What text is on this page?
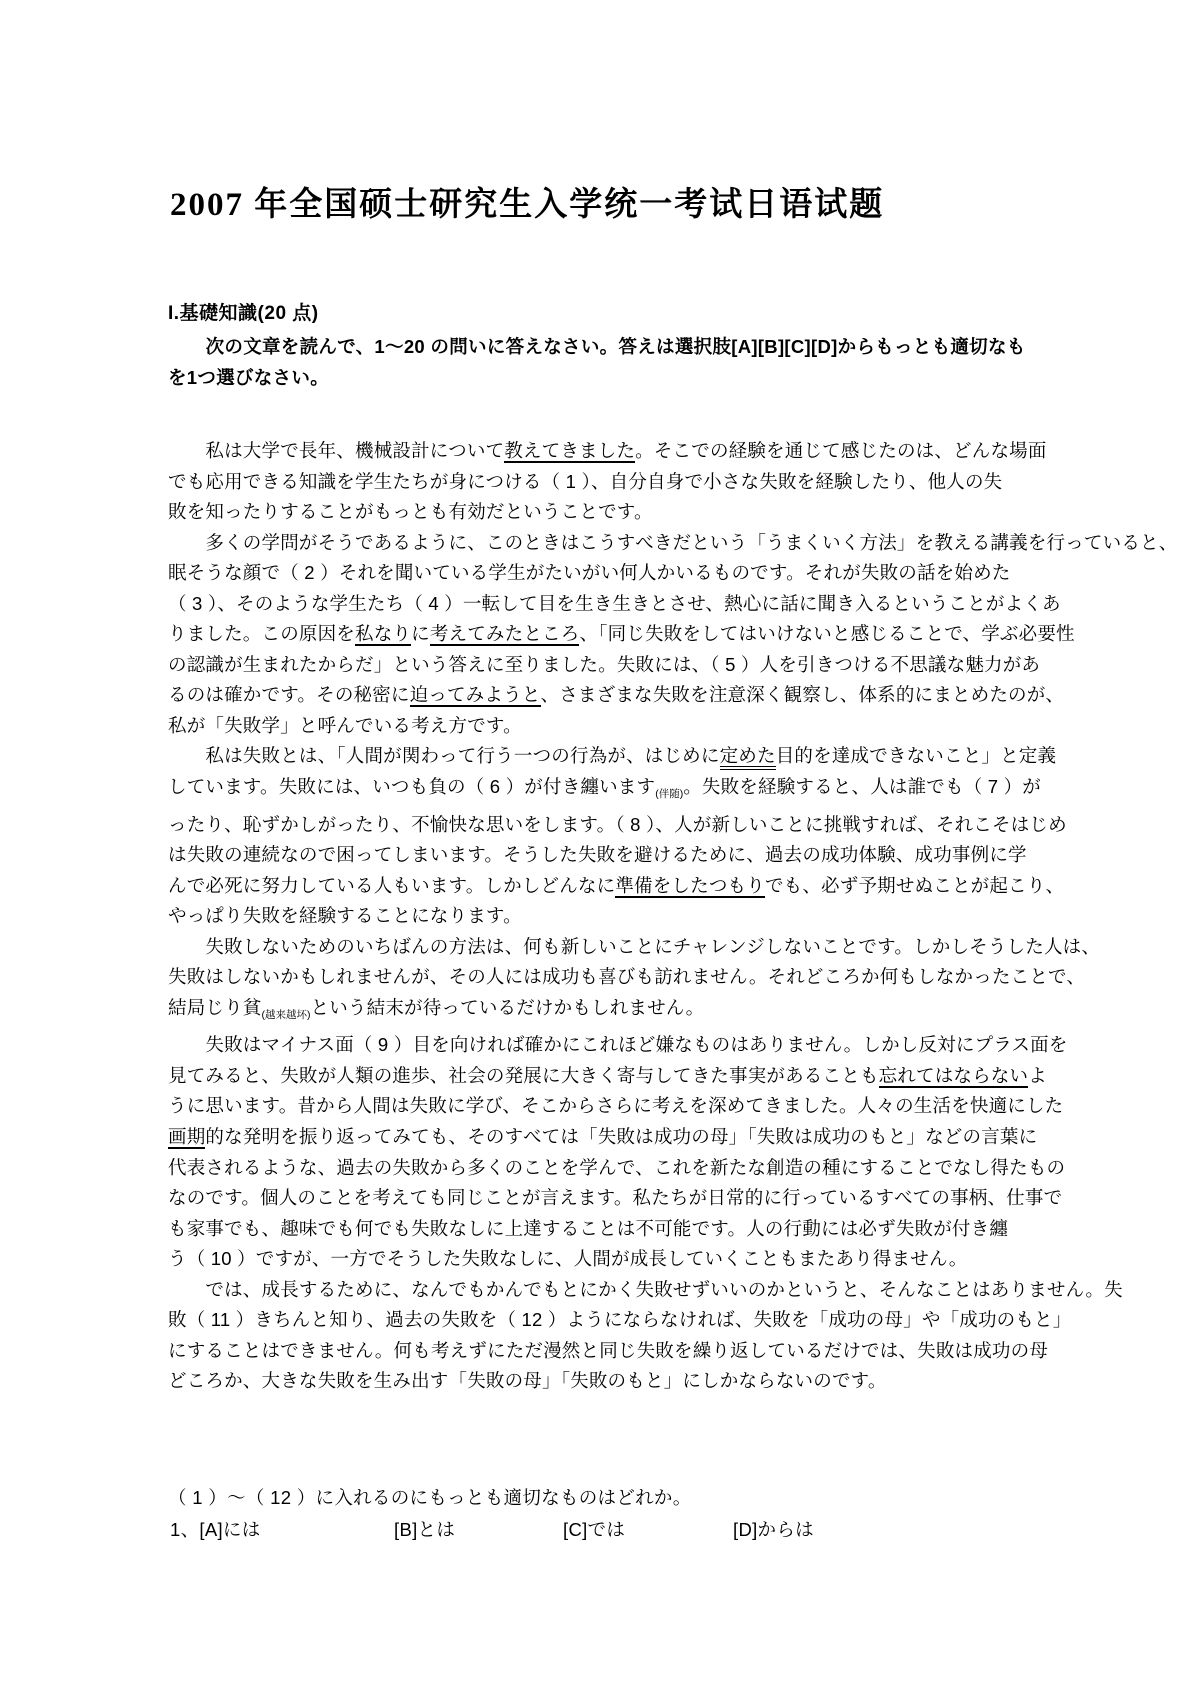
2007 年全国硕士研究生入学统一考试日语试题
I.基礎知識(20 点)
　　次の文章を読んで、1～20 の問いに答えなさい。答えは選択肢[A][B][C][D]からもっとも適切なも
を1つ選びなさい。
　　私は大学で長年、機械設計について教えてきました。そこでの経験を通じて感じたのは、どんな場面
でも応用できる知識を学生たちが身につける（ 1 ）、自分自身で小さな失敗を経験したり、他人の失
敗を知ったりすることがもっとも有効だということです。
　　多くの学問がそうであるように、このときはこうすべきだという「うまくいく方法」を教える講義を行っていると、
眠そうな顔で（ 2 ）それを聞いている学生がたいがい何人かいるものです。それが失敗の話を始めた
（ 3 ）、そのような学生たち（ 4 ）一転して目を生き生きとさせ、熱心に話に聞き入るということがよくあ
りました。この原因を私なりに考えてみたところ、「同じ失敗をしてはいけないと感じることで、学ぶ必要性
の認識が生まれたからだ」という答えに至りました。失敗には、（ 5 ）人を引きつける不思議な魅力があ
るのは確かです。その秘密に迫ってみようと、さまざまな失敗を注意深く観察し、体系的にまとめたのが、
私が「失敗学」と呼んでいる考え方です。
　　私は失敗とは、「人間が関わって行う一つの行為が、はじめに定めた目的を達成できないこと」と定義
しています。失敗には、いつも負の（ 6 ）が付き纏います$_{(伴随)}$。失敗を経験すると、人は誰でも（ 7 ）が
ったり、恥ずかしがったり、不愉快な思いをします。（ 8 ）、人が新しいことに挑戦すれば、それこそはじめ
は失敗の連続なので困ってしまいます。そうした失敗を避けるために、過去の成功体験、成功事例に学
んで必死に努力している人もいます。しかしどんなに準備をしたつもりでも、必ず予期せぬことが起こり、
やっぱり失敗を経験することになります。
　　失敗しないためのいちばんの方法は、何も新しいことにチャレンジしないことです。しかしそうした人は、
失敗はしないかもしれませんが、その人には成功も喜びも訪れません。それどころか何もしなかったことで、
結局じり貧$_{(越来越坏)}$という結末が待っているだけかもしれません。
　　失敗はマイナス面（ 9 ）目を向ければ確かにこれほど嫌なものはありません。しかし反対にプラス面を
見てみると、失敗が人類の進歩、社会の発展に大きく寄与してきた事実があることも忘れてはならないよ
うに思います。昔から人間は失敗に学び、そこからさらに考えを深めてきました。人々の生活を快適にした
画期的な発明を振り返ってみても、そのすべては「失敗は成功の母」「失敗は成功のもと」などの言葉に
代表されるような、過去の失敗から多くのことを学んで、これを新たな創造の種にすることでなし得たもの
なのです。個人のことを考えても同じことが言えます。私たちが日常的に行っているすべての事柄、仕事で
も家事でも、趣味でも何でも失敗なしに上達することは不可能です。人の行動には必ず失敗が付き纏
う（ 10 ）ですが、一方でそうした失敗なしに、人間が成長していくこともまたあり得ません。
　　では、成長するために、なんでもかんでもとにかく失敗せずいいのかというと、そんなことはありません。失
敗（ 11 ）きちんと知り、過去の失敗を（ 12 ）ようにならなければ、失敗を「成功の母」や「成功のもと」
にすることはできません。何も考えずにただ漫然と同じ失敗を繰り返しているだけでは、失敗は成功の母
どころか、大きな失敗を生み出す「失敗の母」「失敗のもと」にしかならないのです。
（ 1 ）～（ 12 ）に入れるのにもっとも適切なものはどれか。
1、[A]には	[B]とは	[C]では	[D]からは
